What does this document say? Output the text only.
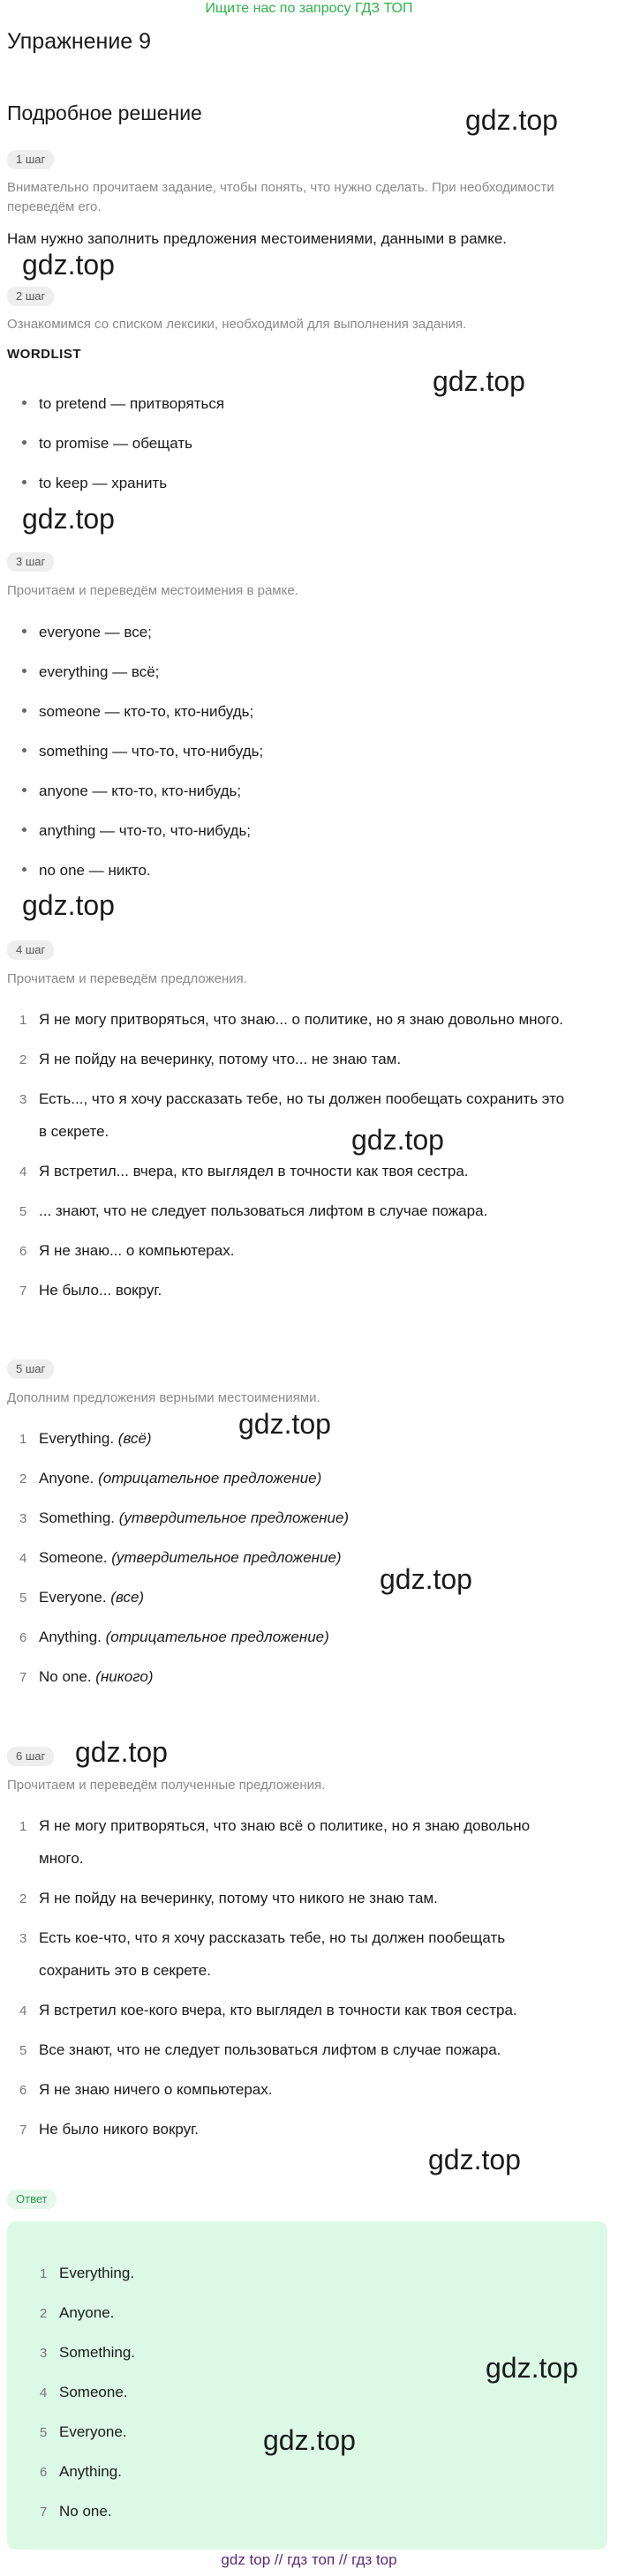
Ищите нас по запросу ГДЗ ТОП
Упражнение 9
Подробное решение
1 шаг
Внимательно прочитаем задание, чтобы понять, что нужно сделать. При необходимости переведём его.
Нам нужно заполнить предложения местоимениями, данными в рамке.
2 шаг
Ознакомимся со списком лексики, необходимой для выполнения задания.
WORDLIST
to pretend — притворяться
to promise — обещать
to keep — хранить
3 шаг
Прочитаем и переведём местоимения в рамке.
everyone — все;
everything — всё;
someone — кто-то, кто-нибудь;
something — что-то, что-нибудь;
anyone — кто-то, кто-нибудь;
anything — что-то, что-нибудь;
no one — никто.
4 шаг
Прочитаем и переведём предложения.
1 Я не могу притворяться, что знаю... о политике, но я знаю довольно много.
2 Я не пойду на вечеринку, потому что... не знаю там.
3 Есть..., что я хочу рассказать тебе, но ты должен пообещать сохранить это
в секрете.
4 Я встретил... вчера, кто выглядел в точности как твоя сестра.
5 ... знают, что не следует пользоваться лифтом в случае пожара.
6 Я не знаю... о компьютерах.
7 Не было... вокруг.
5 шаг
Дополним предложения верными местоимениями.
1 Everything. (всё)
2 Anyone. (отрицательное предложение)
3 Something. (утвердительное предложение)
4 Someone. (утвердительное предложение)
5 Everyone. (все)
6 Anything. (отрицательное предложение)
7 No one. (никого)
6 шаг
Прочитаем и переведём полученные предложения.
1 Я не могу притворяться, что знаю всё о политике, но я знаю довольно
много.
2 Я не пойду на вечеринку, потому что никого не знаю там.
3 Есть кое-что, что я хочу рассказать тебе, но ты должен пообещать
сохранить это в секрете.
4 Я встретил кое-кого вчера, кто выглядел в точности как твоя сестра.
5 Все знают, что не следует пользоваться лифтом в случае пожара.
6 Я не знаю ничего о компьютерах.
7 Не было никого вокруг.
Ответ
1 Everything.
2 Anyone.
3 Something.
4 Someone.
5 Everyone.
6 Anything.
7 No one.
gdz.top
gdz.top
gdz.top
gdz.top
gdz.top
gdz.top
gdz.top
gdz.top
gdz.top
gdz.top
gdz.top
gdz.top
gdz top // гдз топ // гдз top
